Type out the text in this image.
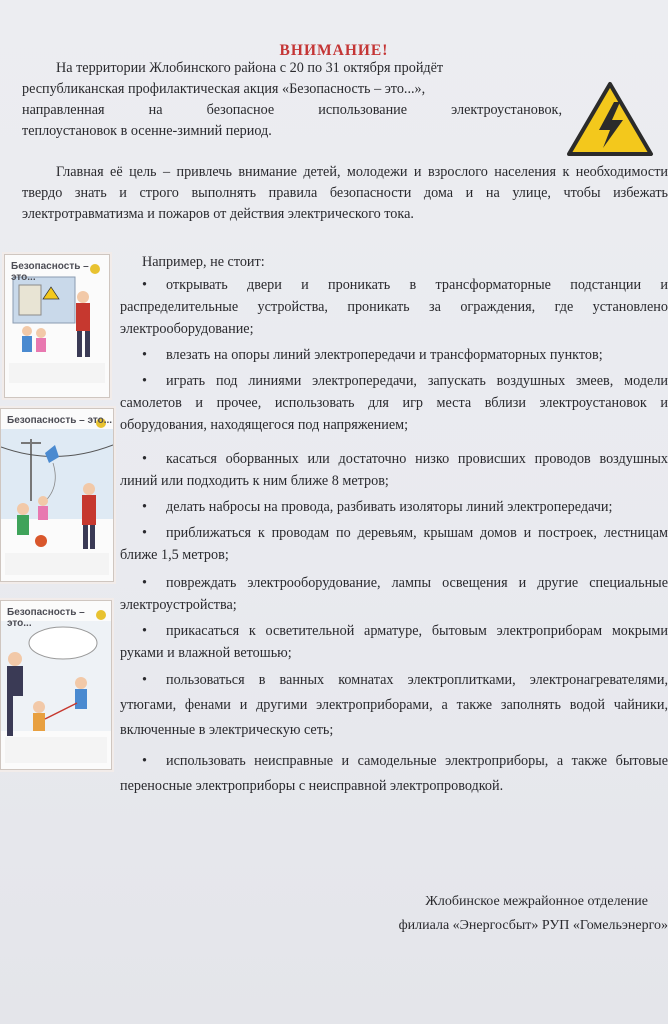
ВНИМАНИЕ!

На территории Жлобинского района с 20 по 31 октября пройдёт
республиканская профилактическая акция «Безопасность – это...»,
направленная на безопасное использование электроустановок,
теплоустановок в осенне-зимний период.

Главная её цель – привлечь внимание детей, молодежи и взрослого населения к необходимости твердо знать и строго выполнять правила безопасности дома и на улице, чтобы избежать электротравматизма и пожаров от действия электрического тока.

Например, не стоит:
• открывать двери и проникать в трансформаторные подстанции и распределительные устройства, проникать за ограждения, где установлено электрооборудование;
• влезать на опоры линий электропередачи и трансформаторных пунктов;
• играть под линиями электропередачи, запускать воздушных змеев, модели самолетов и прочее, использовать для игр места вблизи электроустановок и оборудования, находящегося под напряжением;
• касаться оборванных или достаточно низко провисших проводов воздушных линий или подходить к ним ближе 8 метров;
• делать набросы на провода, разбивать изоляторы линий электропередачи;
• приближаться к проводам по деревьям, крышам домов и построек, лестницам ближе 1,5 метров;
• повреждать электрооборудование, лампы освещения и другие специальные электроустройства;
• прикасаться к осветительной арматуре, бытовым электроприборам мокрыми руками и влажной ветошью;
• пользоваться в ванных комнатах электроплитками, электронагревателями, утюгами, фенами и другими электроприборами, а также заполнять водой чайники, включенные в электрическую сеть;
• использовать неисправные и самодельные электроприборы, а также бытовые переносные электроприборы с неисправной электропроводкой.
Безопасность – это...
Безопасность – это...
Безопасность – это...
Жлобинское межрайонное отделение
филиала «Энергосбыт» РУП «Гомельэнерго»
